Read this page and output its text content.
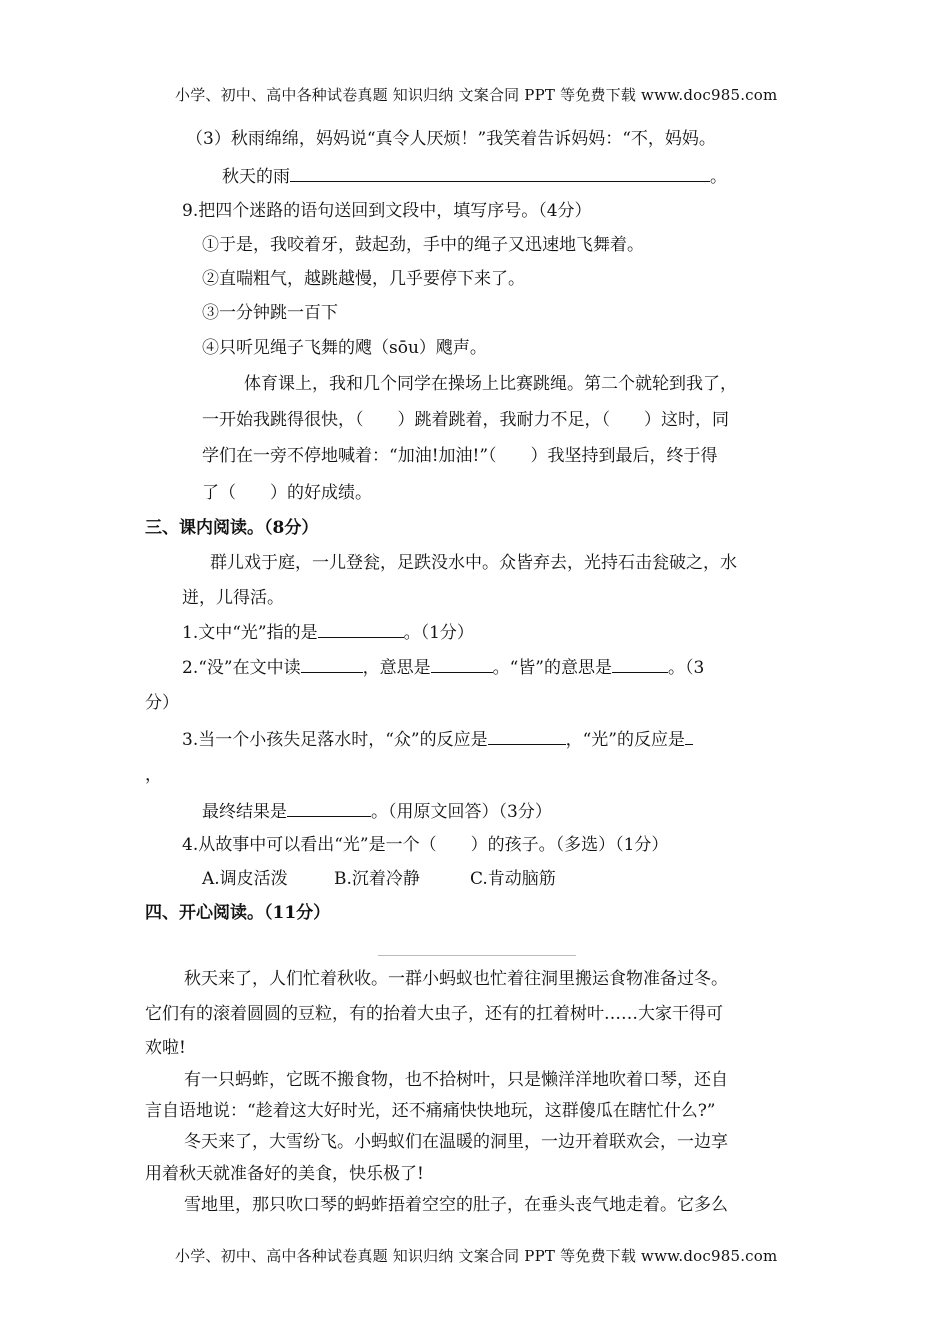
小学、初中、高中各种试卷真题 知识归纳 文案合同 PPT 等免费下载 www.doc985.com
（3）秋雨绵绵，妈妈说“真令人厌烦！”我笑着告诉妈妈：“不，妈妈。
秋天的雨	。
9.把四个迷路的语句送回到文段中，填写序号。（4分）
①于是，我咬着牙，鼓起劲，手中的绳子又迅速地飞舞着。
②直喘粗气，越跳越慢，几乎要停下来了。
③一分钟跳一百下
④只听见绳子飞舞的飕（sōu）飕声。
体育课上，我和几个同学在操场上比赛跳绳。第二个就轮到我了，
一开始我跳得很快，（　　）跳着跳着，我耐力不足，（　　）这时，同
学们在一旁不停地喊着：“加油!加油!”（　　）我坚持到最后，终于得
了（　　）的好成绩。
三、课内阅读。（8分）
群儿戏于庭，一儿登瓮，足跌没水中。众皆弃去，光持石击瓮破之，水
迸，儿得活。
1.文中“光”指的是	。（1分）
2.“没”在文中读	，意思是	。“皆”的意思是	。（3
分）
3.当一个小孩失足落水时，“众”的反应是	，“光”的反应是
，
最终结果是	。（用原文回答）（3分）
4.从故事中可以看出“光”是一个（　　）的孩子。（多选）（1分）
A.调皮活泼	B.沉着冷静	C.肯动脑筋
四、开心阅读。（11分）
秋天来了，人们忙着秋收。一群小蚂蚁也忙着往洞里搬运食物准备过冬。
它们有的滚着圆圆的豆粒，有的抬着大虫子，还有的扛着树叶……大家干得可
欢啦!
有一只蚂蚱，它既不搬食物，也不拾树叶，只是懒洋洋地吹着口琴，还自
言自语地说：“趁着这大好时光，还不痛痛快快地玩，这群傻瓜在瞎忙什么?”
冬天来了，大雪纷飞。小蚂蚁们在温暖的洞里，一边开着联欢会，一边享
用着秋天就准备好的美食，快乐极了!
雪地里，那只吹口琴的蚂蚱捂着空空的肚子，在垂头丧气地走着。它多么
小学、初中、高中各种试卷真题 知识归纳 文案合同 PPT 等免费下载 www.doc985.com
